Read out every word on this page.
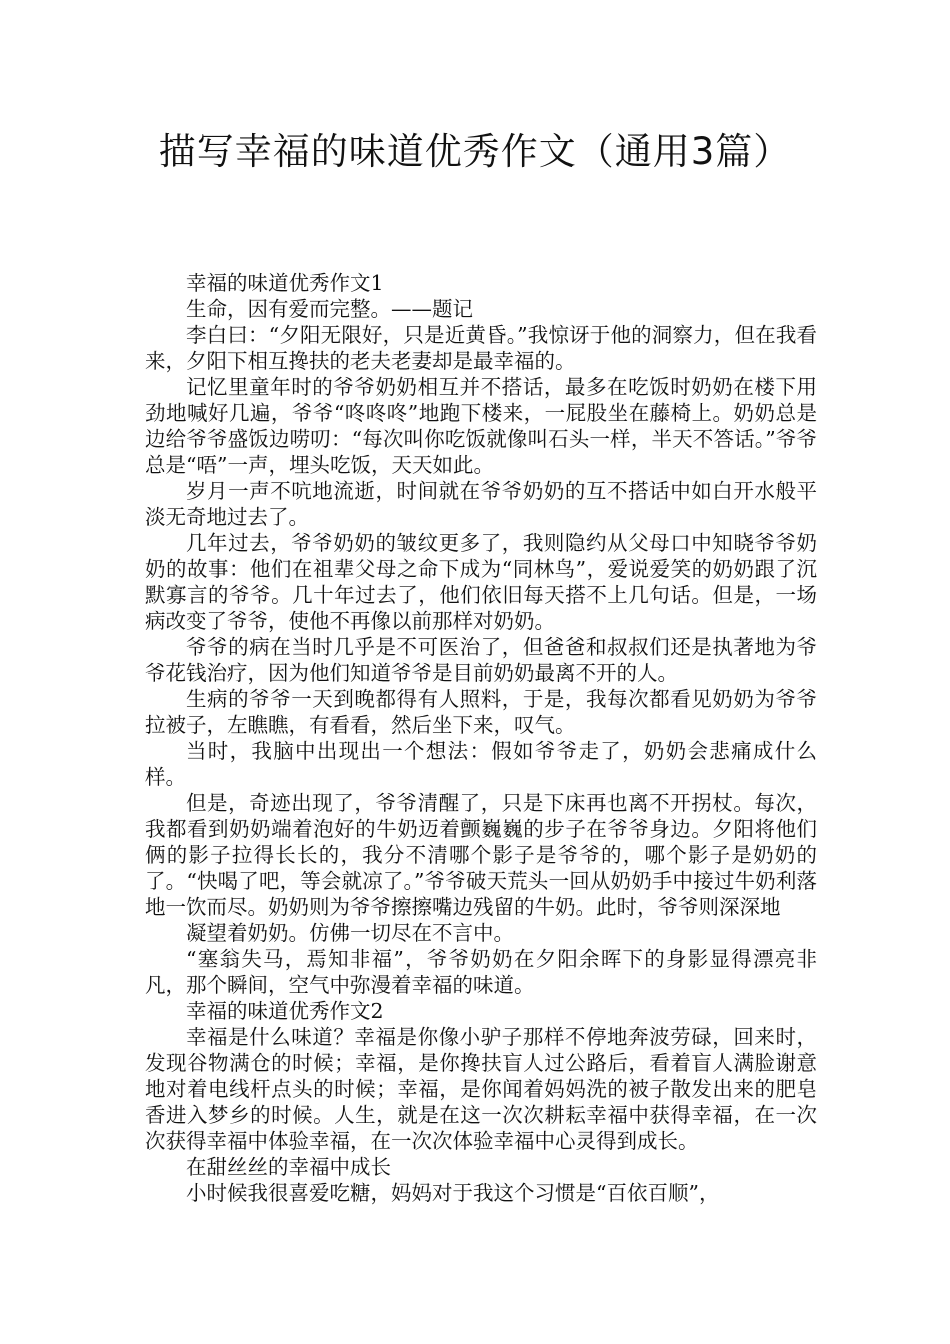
描写幸福的味道优秀作文（通用3篇）

幸福的味道优秀作文1

生命，因有爱而完整。——题记

李白曰：“夕阳无限好，只是近黄昏。”我惊讶于他的洞察力，但在我看来，夕阳下相互搀扶的老夫老妻却是最幸福的。

记忆里童年时的爷爷奶奶相互并不搭话，最多在吃饭时奶奶在楼下用劲地喊好几遍，爷爷“咚咚咚”地跑下楼来，一屁股坐在藤椅上。奶奶总是边给爷爷盛饭边唠叨：“每次叫你吃饭就像叫石头一样，半天不答话。”爷爷总是“唔”一声，埋头吃饭，天天如此。

岁月一声不吭地流逝，时间就在爷爷奶奶的互不搭话中如白开水般平淡无奇地过去了。

几年过去，爷爷奶奶的皱纹更多了，我则隐约从父母口中知晓爷爷奶奶的故事：他们在祖辈父母之命下成为“同林鸟”，爱说爱笑的奶奶跟了沉默寡言的爷爷。几十年过去了，他们依旧每天搭不上几句话。但是，一场病改变了爷爷，使他不再像以前那样对奶奶。

爷爷的病在当时几乎是不可医治了，但爸爸和叔叔们还是执著地为爷爷花钱治疗，因为他们知道爷爷是目前奶奶最离不开的人。

生病的爷爷一天到晚都得有人照料，于是，我每次都看见奶奶为爷爷拉被子，左瞧瞧，有看看，然后坐下来，叹气。

当时，我脑中出现出一个想法：假如爷爷走了，奶奶会悲痛成什么样。

但是，奇迹出现了，爷爷清醒了，只是下床再也离不开拐杖。每次，我都看到奶奶端着泡好的牛奶迈着颤巍巍的步子在爷爷身边。夕阳将他们俩的影子拉得长长的，我分不清哪个影子是爷爷的，哪个影子是奶奶的了。“快喝了吧，等会就凉了。”爷爷破天荒头一回从奶奶手中接过牛奶利落地一饮而尽。奶奶则为爷爷擦擦嘴边残留的牛奶。此时，爷爷则深深地

凝望着奶奶。仿佛一切尽在不言中。

“塞翁失马，焉知非福”，爷爷奶奶在夕阳余晖下的身影显得漂亮非凡，那个瞬间，空气中弥漫着幸福的味道。

幸福的味道优秀作文2

幸福是什么味道？幸福是你像小驴子那样不停地奔波劳碌，回来时，发现谷物满仓的时候；幸福，是你搀扶盲人过公路后，看着盲人满脸谢意地对着电线杆点头的时候；幸福，是你闻着妈妈洗的被子散发出来的肥皂香进入梦乡的时候。人生，就是在这一次次耕耘幸福中获得幸福，在一次次获得幸福中体验幸福，在一次次体验幸福中心灵得到成长。

在甜丝丝的幸福中成长

小时候我很喜爱吃糖，妈妈对于我这个习惯是“百依百顺”，
